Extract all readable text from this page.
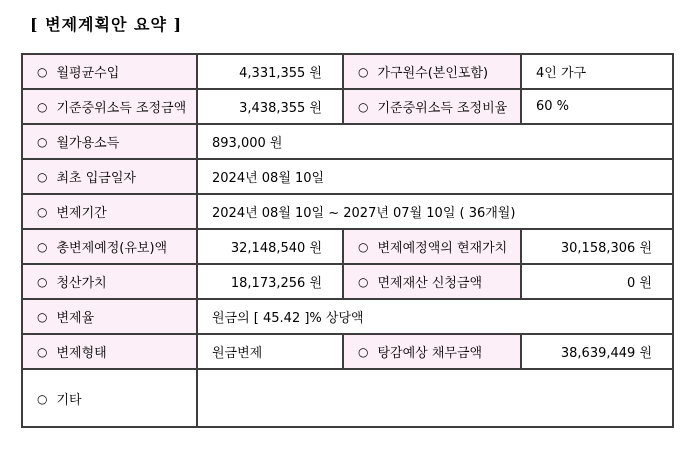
[ 변제계획안 요약 ]
○ 월평균수입	4,331,355 원	○ 가구원수(본인포함)	4인 가구
○ 기준중위소득 조정금액	3,438,355 원	○ 기준중위소득 조정비율	60 %
○ 월가용소득	893,000 원		
○ 최초 입금일자	2024년 08월 10일		
○ 변제기간	2024년 08월 10일 ~ 2027년 07월 10일 ( 36개월)		
○ 총변제예정(유보)액	32,148,540 원	○ 변제예정액의 현재가치	30,158,306 원
○ 청산가치	18,173,256 원	○ 면제재산 신청금액	0 원
○ 변제율	원금의 [ 45.42 ]% 상당액		
○ 변제형태	원금변제	○ 탕감예상 채무금액	38,639,449 원
○ 기타			
